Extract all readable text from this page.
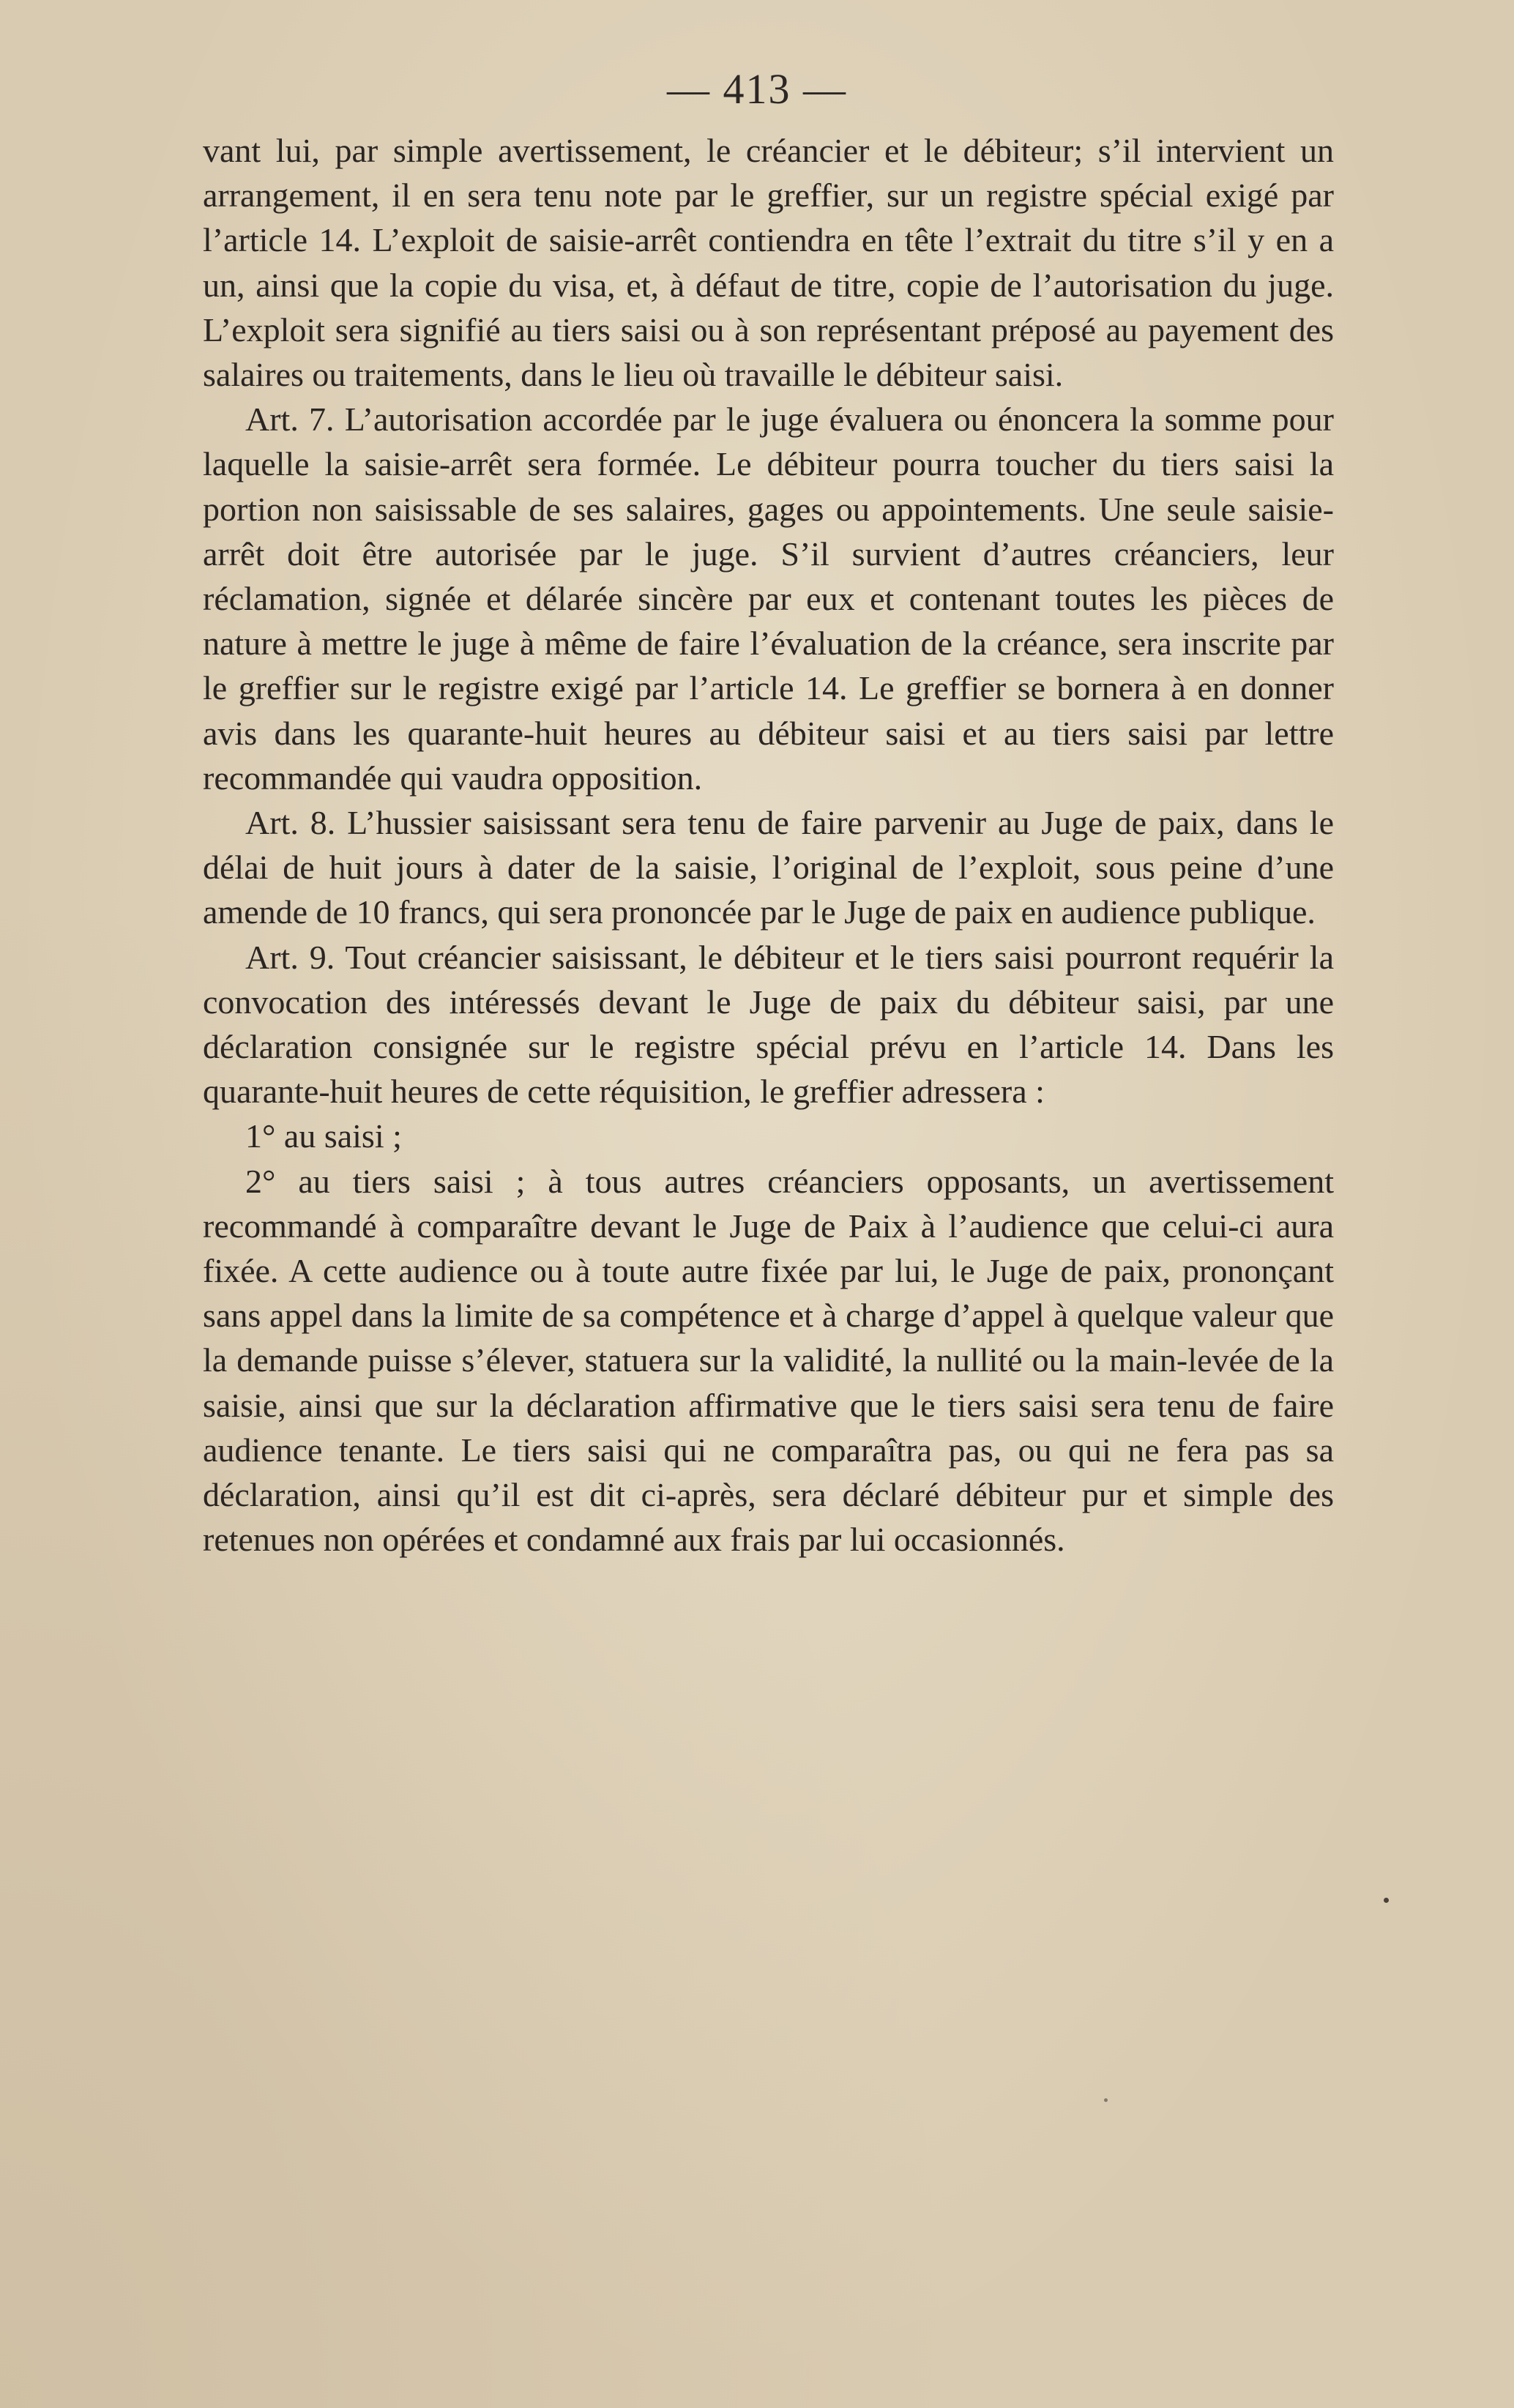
— 413 —

vant lui, par simple avertissement, le créancier et le débiteur; s’il intervient un arrangement, il en sera tenu note par le greffier, sur un registre spécial exigé par l’article 14. L’exploit de saisie-arrêt contiendra en tête l’extrait du titre s’il y en a un, ainsi que la copie du visa, et, à défaut de titre, copie de l’autorisation du juge. L’exploit sera signifié au tiers saisi ou à son représentant préposé au payement des salaires ou traitements, dans le lieu où travaille le débiteur saisi.

Art. 7. L’autorisation accordée par le juge évaluera ou énoncera la somme pour laquelle la saisie-arrêt sera formée. Le débiteur pourra toucher du tiers saisi la portion non saisissable de ses salaires, gages ou appointements. Une seule saisie-arrêt doit être autorisée par le juge. S’il survient d’autres créanciers, leur réclamation, signée et délarée sincère par eux et contenant toutes les pièces de nature à mettre le juge à même de faire l’évaluation de la créance, sera inscrite par le greffier sur le registre exigé par l’article 14. Le greffier se bornera à en donner avis dans les quarante-huit heures au débiteur saisi et au tiers saisi par lettre recommandée qui vaudra opposition.

Art. 8. L’hussier saisissant sera tenu de faire parvenir au Juge de paix, dans le délai de huit jours à dater de la saisie, l’original de l’exploit, sous peine d’une amende de 10 francs, qui sera prononcée par le Juge de paix en audience publique.

Art. 9. Tout créancier saisissant, le débiteur et le tiers saisi pourront requérir la convocation des intéressés devant le Juge de paix du débiteur saisi, par une déclaration consignée sur le registre spécial prévu en l’article 14. Dans les quarante-huit heures de cette réquisition, le greffier adressera :

1° au saisi ;

2° au tiers saisi ; à tous autres créanciers opposants, un avertissement recommandé à comparaître devant le Juge de Paix à l’audience que celui-ci aura fixée. A cette audience ou à toute autre fixée par lui, le Juge de paix, prononçant sans appel dans la limite de sa compétence et à charge d’appel à quelque valeur que la demande puisse s’élever, statuera sur la validité, la nullité ou la main-levée de la saisie, ainsi que sur la déclaration affirmative que le tiers saisi sera tenu de faire audience tenante. Le tiers saisi qui ne comparaîtra pas, ou qui ne fera pas sa déclaration, ainsi qu’il est dit ci-après, sera déclaré débiteur pur et simple des retenues non opérées et condamné aux frais par lui occasionnés.
